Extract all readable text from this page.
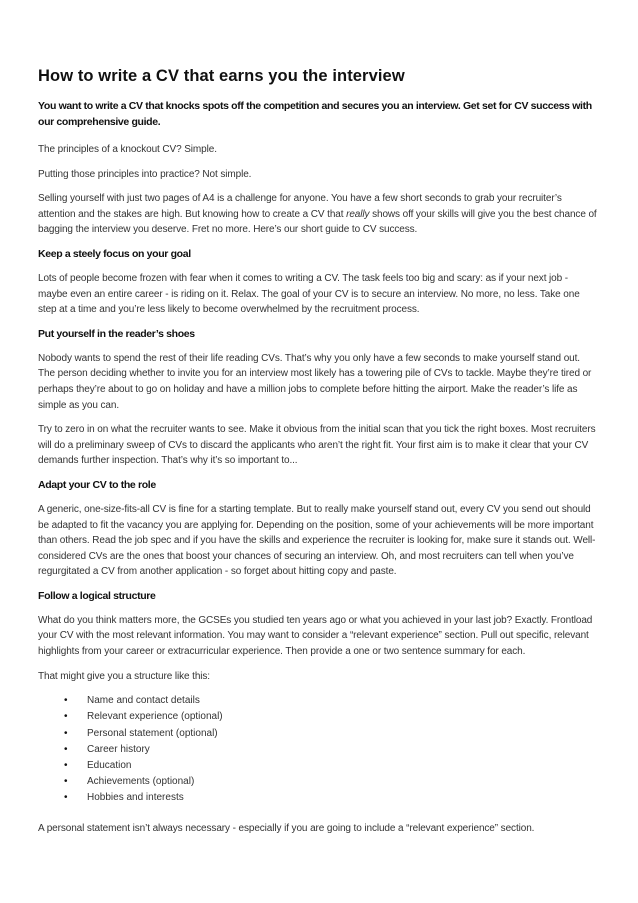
How to write a CV that earns you the interview

You want to write a CV that knocks spots off the competition and secures you an interview. Get set for CV success with our comprehensive guide.

The principles of a knockout CV? Simple.

Putting those principles into practice? Not simple.

Selling yourself with just two pages of A4 is a challenge for anyone. You have a few short seconds to grab your recruiter’s attention and the stakes are high. But knowing how to create a CV that really shows off your skills will give you the best chance of bagging the interview you deserve. Fret no more. Here’s our short guide to CV success.

Keep a steely focus on your goal

Lots of people become frozen with fear when it comes to writing a CV. The task feels too big and scary: as if your next job - maybe even an entire career - is riding on it. Relax. The goal of your CV is to secure an interview. No more, no less. Take one step at a time and you’re less likely to become overwhelmed by the recruitment process.

Put yourself in the reader’s shoes

Nobody wants to spend the rest of their life reading CVs. That’s why you only have a few seconds to make yourself stand out. The person deciding whether to invite you for an interview most likely has a towering pile of CVs to tackle. Maybe they’re tired or perhaps they’re about to go on holiday and have a million jobs to complete before hitting the airport. Make the reader’s life as simple as you can.

Try to zero in on what the recruiter wants to see. Make it obvious from the initial scan that you tick the right boxes. Most recruiters will do a preliminary sweep of CVs to discard the applicants who aren’t the right fit. Your first aim is to make it clear that your CV demands further inspection. That’s why it’s so important to...

Adapt your CV to the role

A generic, one-size-fits-all CV is fine for a starting template. But to really make yourself stand out, every CV you send out should be adapted to fit the vacancy you are applying for. Depending on the position, some of your achievements will be more important than others. Read the job spec and if you have the skills and experience the recruiter is looking for, make sure it stands out. Well-considered CVs are the ones that boost your chances of securing an interview. Oh, and most recruiters can tell when you’ve regurgitated a CV from another application - so forget about hitting copy and paste.

Follow a logical structure

What do you think matters more, the GCSEs you studied ten years ago or what you achieved in your last job? Exactly. Frontload your CV with the most relevant information. You may want to consider a “relevant experience” section. Pull out specific, relevant highlights from your career or extracurricular experience. Then provide a one or two sentence summary for each.

That might give you a structure like this:

• Name and contact details
• Relevant experience (optional)
• Personal statement (optional)
• Career history
• Education
• Achievements (optional)
• Hobbies and interests

A personal statement isn’t always necessary - especially if you are going to include a “relevant experience” section.
